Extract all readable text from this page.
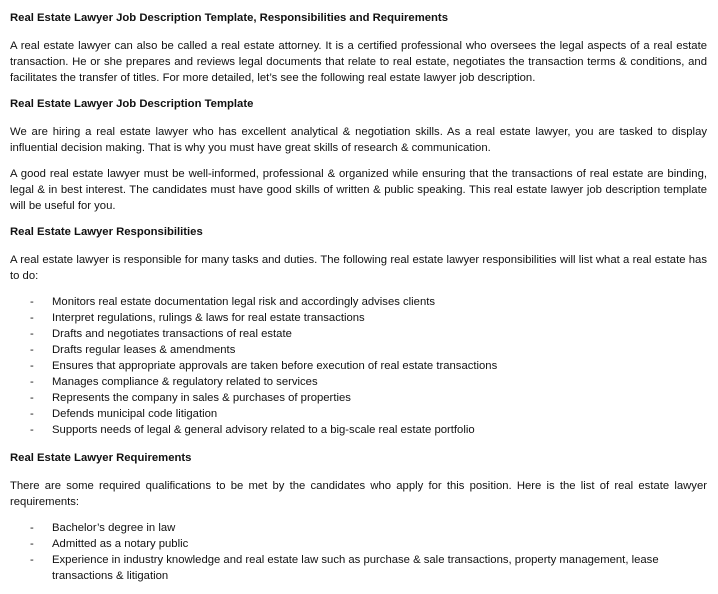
Real Estate Lawyer Job Description Template, Responsibilities and Requirements

A real estate lawyer can also be called a real estate attorney. It is a certified professional who oversees the legal aspects of a real estate transaction. He or she prepares and reviews legal documents that relate to real estate, negotiates the transaction terms & conditions, and facilitates the transfer of titles. For more detailed, let’s see the following real estate lawyer job description.

Real Estate Lawyer Job Description Template

We are hiring a real estate lawyer who has excellent analytical & negotiation skills. As a real estate lawyer, you are tasked to display influential decision making. That is why you must have great skills of research & communication.

A good real estate lawyer must be well-informed, professional & organized while ensuring that the transactions of real estate are binding, legal & in best interest. The candidates must have good skills of written & public speaking. This real estate lawyer job description template will be useful for you.

Real Estate Lawyer Responsibilities

A real estate lawyer is responsible for many tasks and duties. The following real estate lawyer responsibilities will list what a real estate has to do:

- Monitors real estate documentation legal risk and accordingly advises clients
- Interpret regulations, rulings & laws for real estate transactions
- Drafts and negotiates transactions of real estate
- Drafts regular leases & amendments
- Ensures that appropriate approvals are taken before execution of real estate transactions
- Manages compliance & regulatory related to services
- Represents the company in sales & purchases of properties
- Defends municipal code litigation
- Supports needs of legal & general advisory related to a big-scale real estate portfolio
Real Estate Lawyer Requirements

There are some required qualifications to be met by the candidates who apply for this position. Here is the list of real estate lawyer requirements:

- Bachelor’s degree in law
- Admitted as a notary public
- Experience in industry knowledge and real estate law such as purchase & sale transactions, property management, lease transactions & litigation
